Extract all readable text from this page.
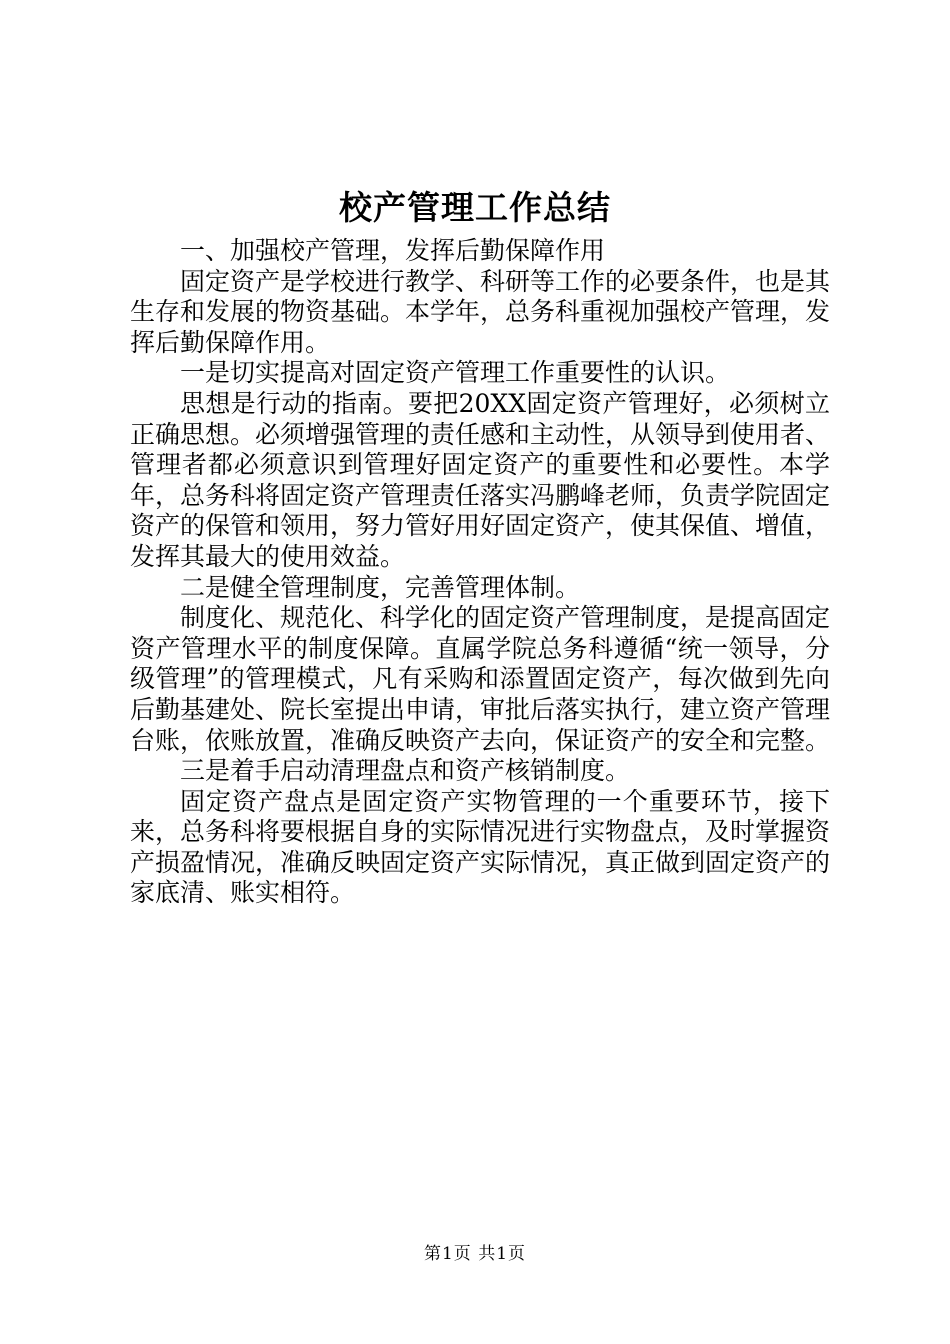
校产管理工作总结

一、加强校产管理，发挥后勤保障作用

固定资产是学校进行教学、科研等工作的必要条件，也是其生存和发展的物资基础。本学年，总务科重视加强校产管理，发挥后勤保障作用。

一是切实提高对固定资产管理工作重要性的认识。

思想是行动的指南。要把20XX固定资产管理好，必须树立正确思想。必须增强管理的责任感和主动性，从领导到使用者、管理者都必须意识到管理好固定资产的重要性和必要性。本学年，总务科将固定资产管理责任落实冯鹏峰老师，负责学院固定资产的保管和领用，努力管好用好固定资产，使其保值、增值，发挥其最大的使用效益。

二是健全管理制度，完善管理体制。

制度化、规范化、科学化的固定资产管理制度，是提高固定资产管理水平的制度保障。直属学院总务科遵循“统一领导，分级管理”的管理模式，凡有采购和添置固定资产，每次做到先向后勤基建处、院长室提出申请，审批后落实执行，建立资产管理台账，依账放置，准确反映资产去向，保证资产的安全和完整。

三是着手启动清理盘点和资产核销制度。

固定资产盘点是固定资产实物管理的一个重要环节，接下来，总务科将要根据自身的实际情况进行实物盘点，及时掌握资产损盈情况，准确反映固定资产实际情况，真正做到固定资产的家底清、账实相符。

第1页 共1页
